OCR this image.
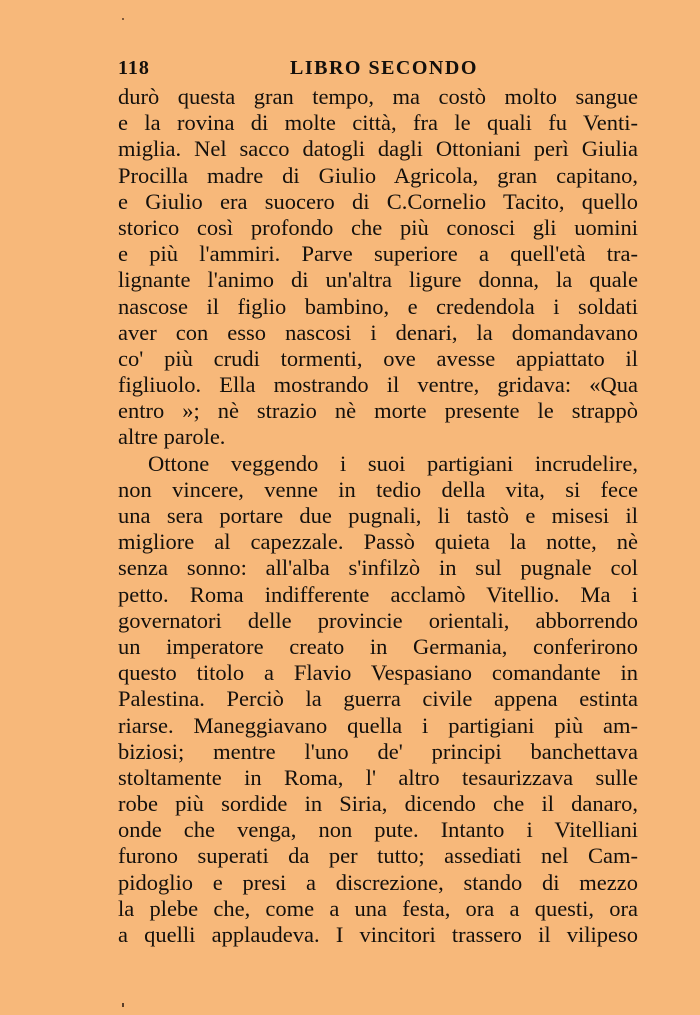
118	LIBRO SECONDO
durò questa gran tempo, ma costò molto sangue
e la rovina di molte città, fra le quali fu Venti-
miglia. Nel sacco datogli dagli Ottoniani perì Giulia
Procilla madre di Giulio Agricola, gran capitano,
e Giulio era suocero di C.Cornelio Tacito, quello
storico così profondo che più conosci gli uomini
e più l'ammiri. Parve superiore a quell'età tra-
lignante l'animo di un'altra ligure donna, la quale
nascose il figlio bambino, e credendola i soldati
aver con esso nascosi i denari, la domandavano
co' più crudi tormenti, ove avesse appiattato il
figliuolo. Ella mostrando il ventre, gridava: «Qua
entro »; nè strazio nè morte presente le strappò
altre parole.
Ottone veggendo i suoi partigiani incrudelire,
non vincere, venne in tedio della vita, si fece
una sera portare due pugnali, li tastò e misesi il
migliore al capezzale. Passò quieta la notte, nè
senza sonno: all'alba s'infilzò in sul pugnale col
petto. Roma indifferente acclamò Vitellio. Ma i
governatori delle provincie orientali, abborrendo
un imperatore creato in Germania, conferirono
questo titolo a Flavio Vespasiano comandante in
Palestina. Perciò la guerra civile appena estinta
riarse. Maneggiavano quella i partigiani più am-
biziosi; mentre l'uno de' principi banchettava
stoltamente in Roma, l' altro tesaurizzava sulle
robe più sordide in Siria, dicendo che il danaro,
onde che venga, non pute. Intanto i Vitelliani
furono superati da per tutto; assediati nel Cam-
pidoglio e presi a discrezione, stando di mezzo
la plebe che, come a una festa, ora a questi, ora
a quelli applaudeva. I vincitori trassero il vilipeso
